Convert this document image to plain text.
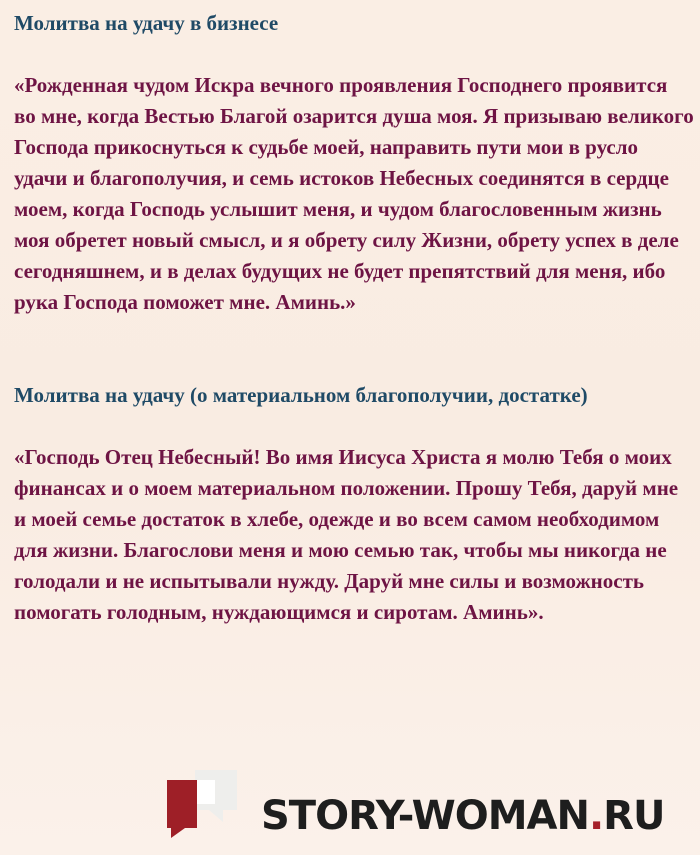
Молитва на удачу в бизнесе

«Рожденная чудом Искра вечного проявления Господнего проявится во мне, когда Вестью Благой озарится душа моя. Я призываю великого Господа прикоснуться к судьбе моей, направить пути мои в русло удачи и благополучия, и семь истоков Небесных соединятся в сердце моем, когда Господь услышит меня, и чудом благословенным жизнь моя обретет новый смысл, и я обрету силу Жизни, обрету успех в деле сегодняшнем, и в делах будущих не будет препятствий для меня, ибо рука Господа поможет мне. Аминь.»

Молитва на удачу (о материальном благополучии, достатке)

«Господь Отец Небесный! Во имя Иисуса Христа я молю Тебя о моих финансах и о моем материальном положении. Прошу Тебя, даруй мне и моей семье достаток в хлебе, одежде и во всем самом необходимом для жизни. Благослови меня и мою семью так, чтобы мы никогда не голодали и не испытывали нужду. Даруй мне силы и возможность помогать голодным, нуждающимся и сиротам. Аминь».

STORY-WOMAN.RU
